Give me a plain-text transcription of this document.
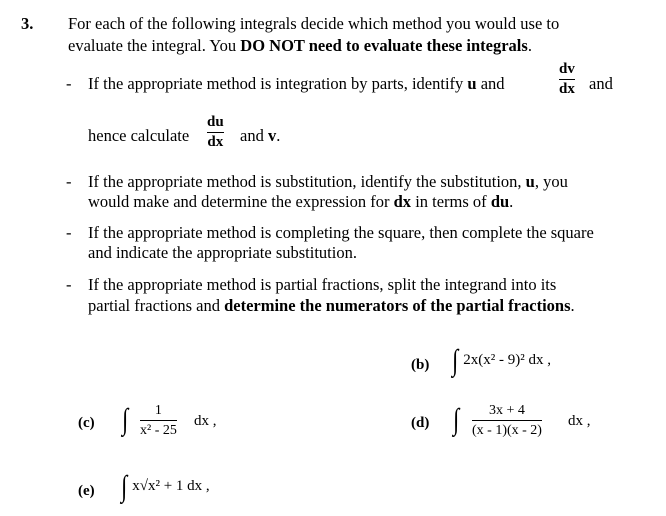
3. For each of the following integrals decide which method you would use to
evaluate the integral. You DO NOT need to evaluate these integrals.
- If the appropriate method is integration by parts, identify u and
dv
dx and
hence calculate
du
dx and v.
- If the appropriate method is substitution, identify the substitution, u, you
would make and determine the expression for dx in terms of du.
- If the appropriate method is completing the square, then complete the square
and indicate the appropriate substitution.
- If the appropriate method is partial fractions, split the integrand into its
partial fractions and determine the numerators of the partial fractions.
(b) ∫ 2x(x² - 9)² dx ,
(c) ∫ 1
x² - 25
dx ,	(d) ∫ 3x + 4
(x - 1)(x - 2)
dx ,
(e) ∫ x√x² + 1 dx ,
